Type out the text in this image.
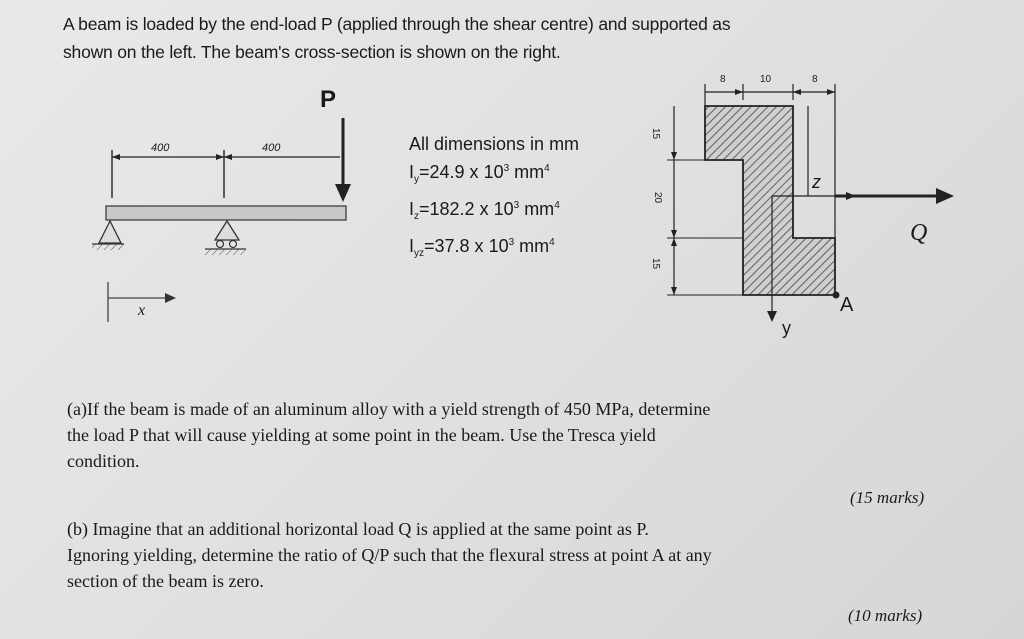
A beam is loaded by the end-load P (applied through the shear centre) and supported as
shown on the left. The beam's cross-section is shown on the right.
P
400	400
x
All dimensions in mm
$I_y=24.9$ x $10^3$ $mm^4$
$I_z=182.2$ x $10^3$ $mm^4$
$I_{yz}=37.8$ x $10^3$ $mm^4$
8	10	8
15
20
15
z
y
Q
A
(a)If the beam is made of an aluminum alloy with a yield strength of 450 MPa, determine
the load P that will cause yielding at some point in the beam. Use the Tresca yield
condition.
(15 marks)
(b) Imagine that an additional horizontal load Q is applied at the same point as P.
Ignoring yielding, determine the ratio of Q/P such that the flexural stress at point A at any
section of the beam is zero.
(10 marks)
